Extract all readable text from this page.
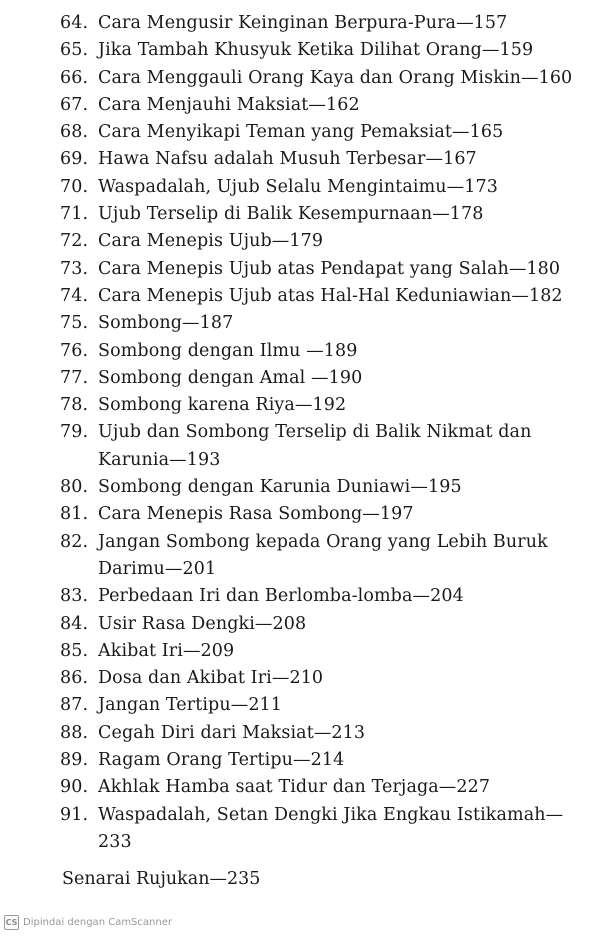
64. Cara Mengusir Keinginan Berpura-Pura—157
65. Jika Tambah Khusyuk Ketika Dilihat Orang—159
66. Cara Menggauli Orang Kaya dan Orang Miskin—160
67. Cara Menjauhi Maksiat—162
68. Cara Menyikapi Teman yang Pemaksiat—165
69. Hawa Nafsu adalah Musuh Terbesar—167
70. Waspadalah, Ujub Selalu Mengintaimu—173
71. Ujub Terselip di Balik Kesempurnaan—178
72. Cara Menepis Ujub—179
73. Cara Menepis Ujub atas Pendapat yang Salah—180
74. Cara Menepis Ujub atas Hal-Hal Keduniawian—182
75. Sombong—187
76. Sombong dengan Ilmu —189
77. Sombong dengan Amal —190
78. Sombong karena Riya—192
79. Ujub dan Sombong Terselip di Balik Nikmat dan Karunia—193
80. Sombong dengan Karunia Duniawi—195
81. Cara Menepis Rasa Sombong—197
82. Jangan Sombong kepada Orang yang Lebih Buruk Darimu—201
83. Perbedaan Iri dan Berlomba-lomba—204
84. Usir Rasa Dengki—208
85. Akibat Iri—209
86. Dosa dan Akibat Iri—210
87. Jangan Tertipu—211
88. Cegah Diri dari Maksiat—213
89. Ragam Orang Tertipu—214
90. Akhlak Hamba saat Tidur dan Terjaga—227
91. Waspadalah, Setan Dengki Jika Engkau Istikamah—233
Senarai Rujukan—235
CS Dipindai dengan CamScanner
